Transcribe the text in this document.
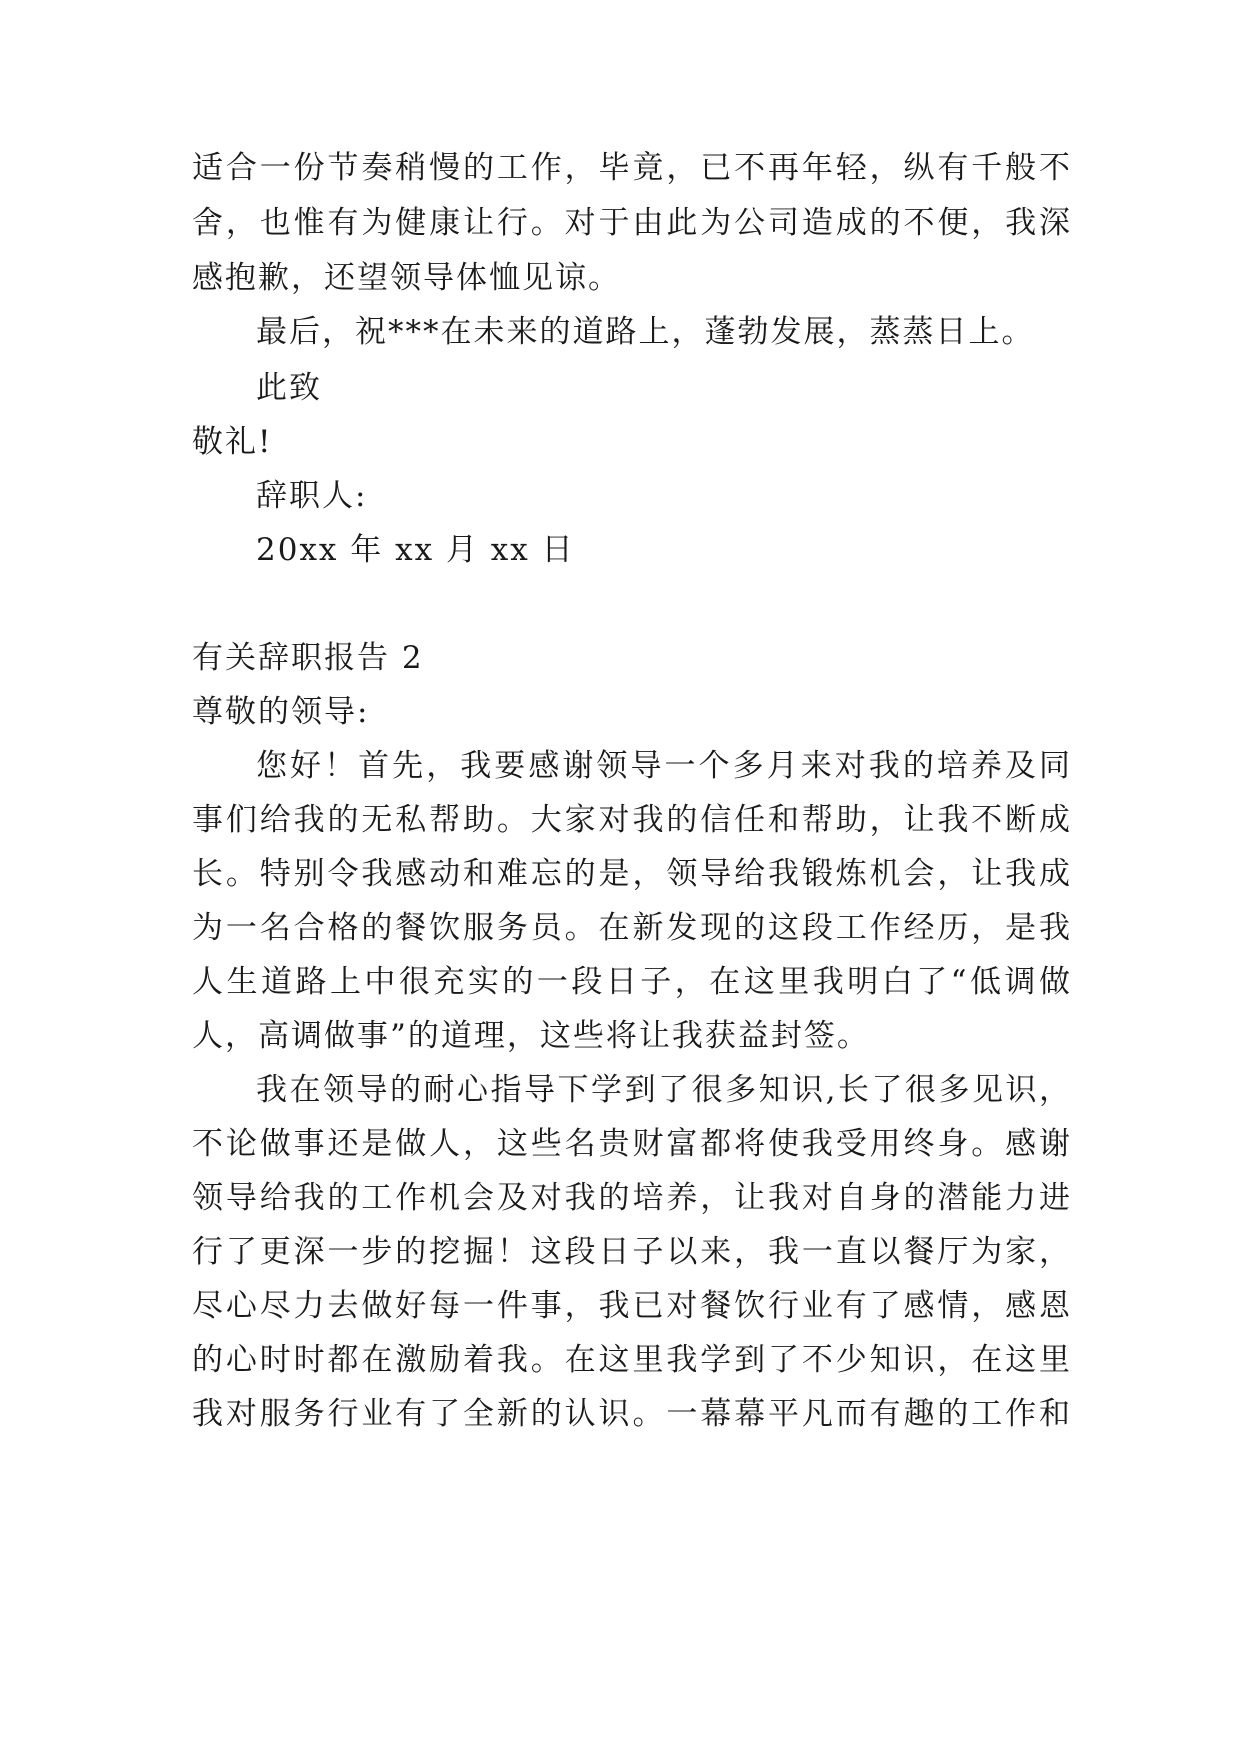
适合一份节奏稍慢的工作，毕竟，已不再年轻，纵有千般不
舍，也惟有为健康让行。对于由此为公司造成的不便，我深
感抱歉，还望领导体恤见谅。
最后，祝***在未来的道路上，蓬勃发展，蒸蒸日上。
此致
敬礼!
辞职人:
20xx 年 xx 月 xx 日
有关辞职报告 2
尊敬的领导:
您好！首先，我要感谢领导一个多月来对我的培养及同
事们给我的无私帮助。大家对我的信任和帮助，让我不断成
长。特别令我感动和难忘的是，领导给我锻炼机会，让我成
为一名合格的餐饮服务员。在新发现的这段工作经历，是我
人生道路上中很充实的一段日子，在这里我明白了“低调做
人，高调做事”的道理，这些将让我获益封签。
我在领导的耐心指导下学到了很多知识,长了很多见识，
不论做事还是做人，这些名贵财富都将使我受用终身。感谢
领导给我的工作机会及对我的培养，让我对自身的潜能力进
行了更深一步的挖掘！这段日子以来，我一直以餐厅为家，
尽心尽力去做好每一件事，我已对餐饮行业有了感情，感恩
的心时时都在激励着我。在这里我学到了不少知识，在这里
我对服务行业有了全新的认识。一幕幕平凡而有趣的工作和
